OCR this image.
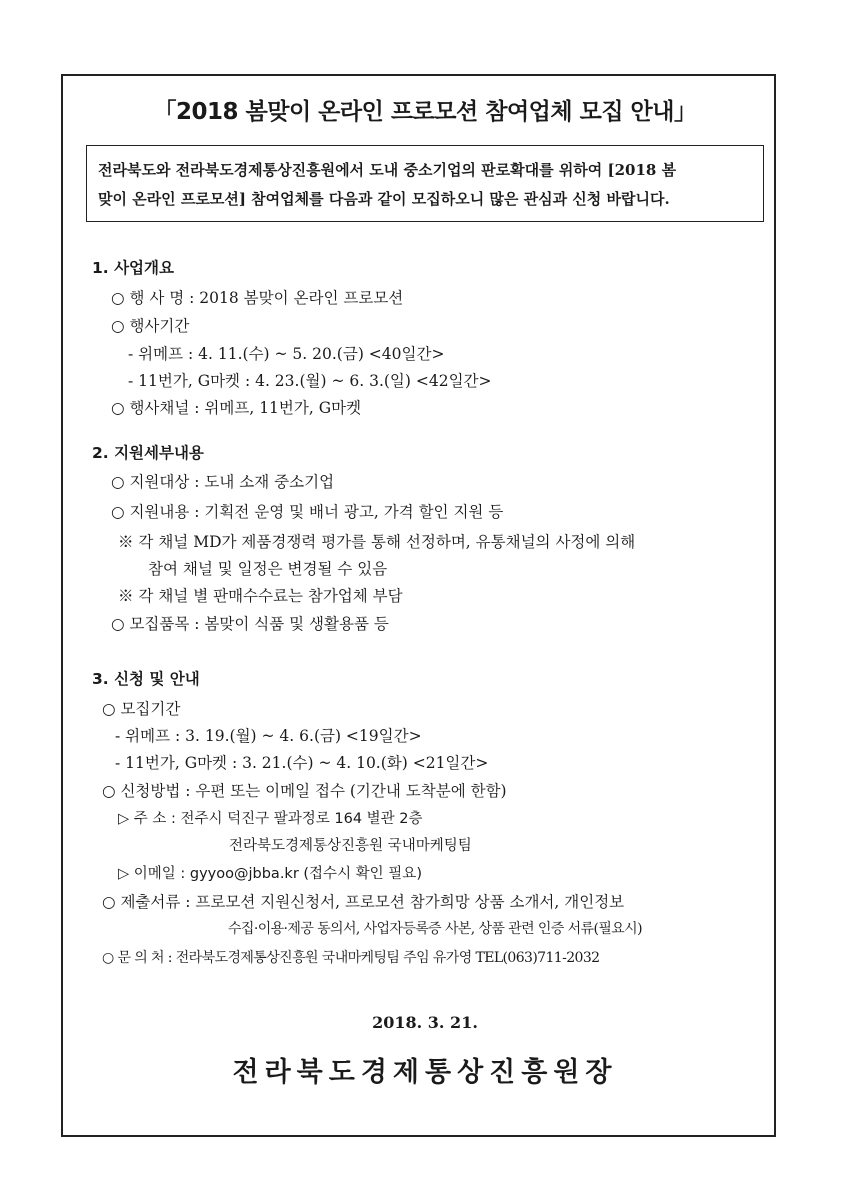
「2018 봄맞이 온라인 프로모션 참여업체 모집 안내」
전라북도와 전라북도경제통상진흥원에서 도내 중소기업의 판로확대를 위하여 [2018 봄
맞이 온라인 프로모션] 참여업체를 다음과 같이 모집하오니 많은 관심과 신청 바랍니다.
1. 사업개요
○ 행 사 명 : 2018 봄맞이 온라인 프로모션
○ 행사기간
- 위메프 : 4. 11.(수) ~ 5. 20.(금) <40일간>
- 11번가, G마켓 : 4. 23.(월) ~ 6. 3.(일) <42일간>
○ 행사채널 : 위메프, 11번가, G마켓
2. 지원세부내용
○ 지원대상 : 도내 소재 중소기업
○ 지원내용 : 기획전 운영 및 배너 광고, 가격 할인 지원 등
※ 각 채널 MD가 제품경쟁력 평가를 통해 선정하며, 유통채널의 사정에 의해
참여 채널 및 일정은 변경될 수 있음
※ 각 채널 별 판매수수료는 참가업체 부담
○ 모집품목 : 봄맞이 식품 및 생활용품 등
3. 신청 및 안내
○ 모집기간
- 위메프 : 3. 19.(월) ~ 4. 6.(금) <19일간>
- 11번가, G마켓 : 3. 21.(수) ~ 4. 10.(화) <21일간>
○ 신청방법 : 우편 또는 이메일 접수 (기간내 도착분에 한함)
▷ 주 소 : 전주시 덕진구 팔과정로 164 별관 2층
전라북도경제통상진흥원 국내마케팅팀
▷ 이메일 : gyyoo@jbba.kr (접수시 확인 필요)
○ 제출서류 : 프로모션 지원신청서, 프로모션 참가희망 상품 소개서, 개인정보
수집·이용·제공 동의서, 사업자등록증 사본, 상품 관련 인증 서류(필요시)
○ 문 의 처 : 전라북도경제통상진흥원 국내마케팅팀 주임 유가영 TEL(063)711-2032
2018. 3. 21.
전라북도경제통상진흥원장
